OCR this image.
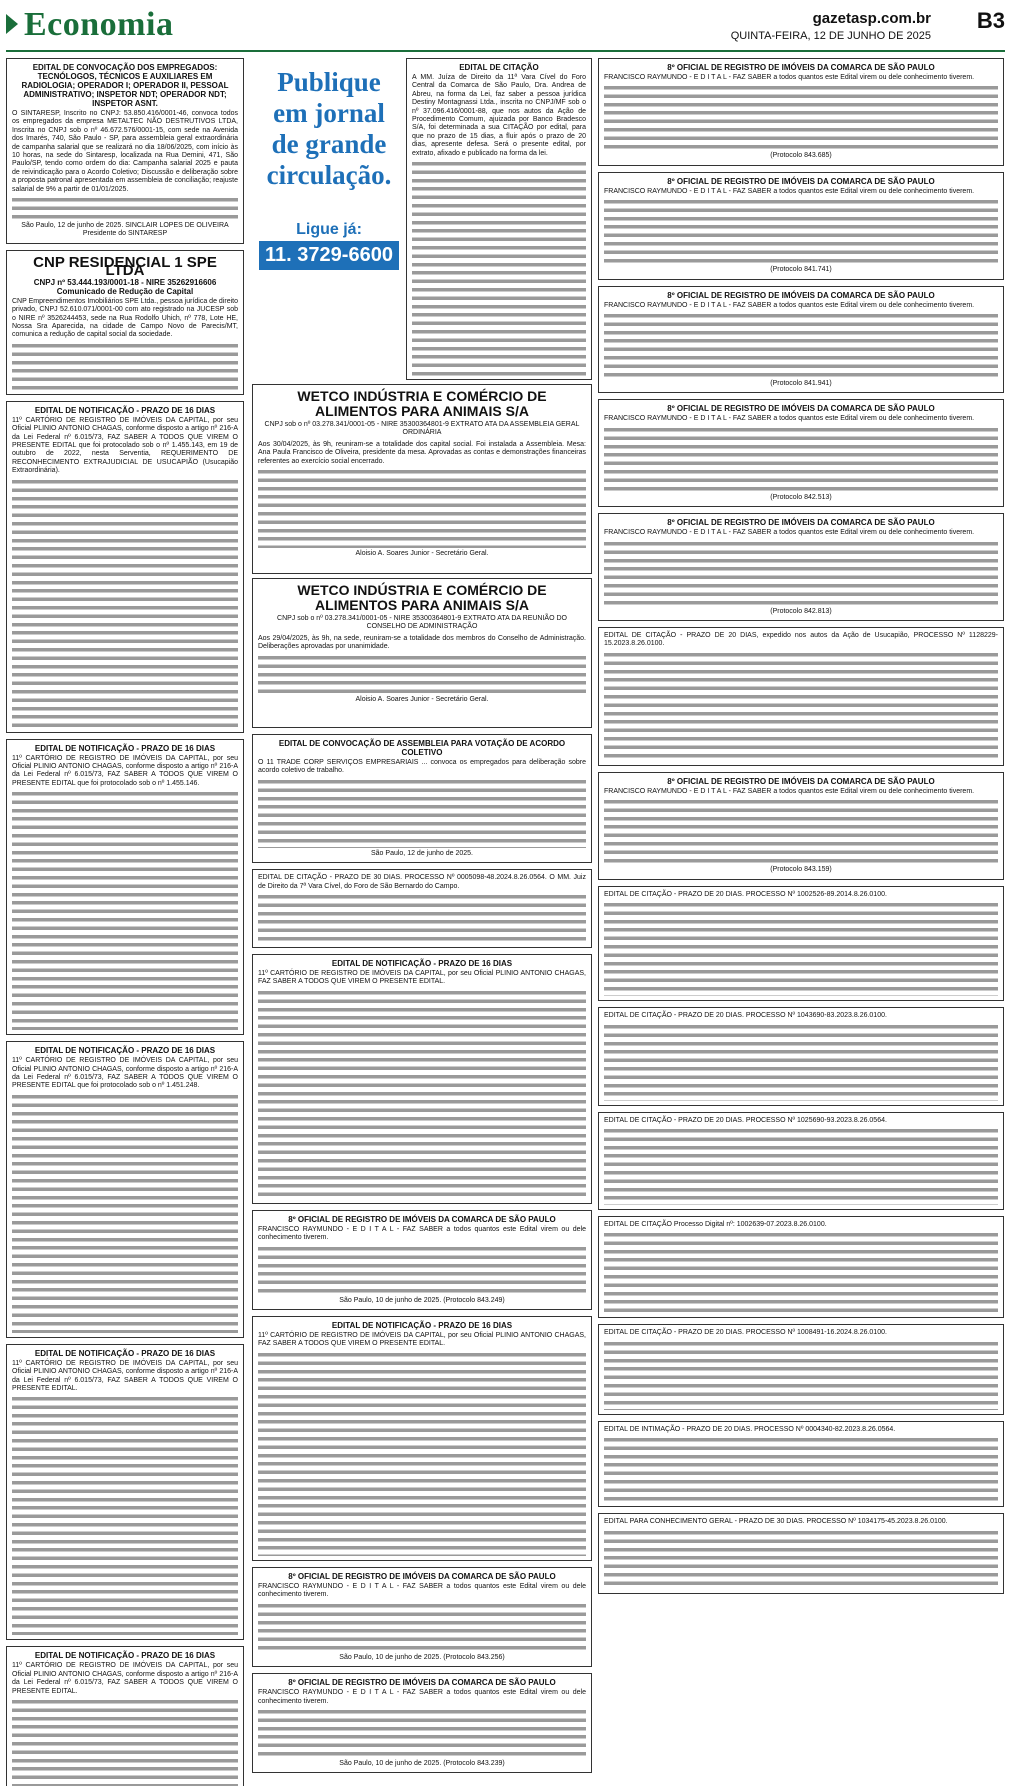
Economia	gazetasp.com.br
QUINTA-FEIRA, 12 DE JUNHO DE 2025
B3
EDITAL DE CONVOCAÇÃO DOS EMPREGADOS: TECNÓLOGOS, TÉCNICOS E AUXILIARES EM RADIOLOGIA; OPERADOR I; OPERADOR II, PESSOAL ADMINISTRATIVO; INSPETOR NDT; OPERADOR NDT; INSPETOR ASNT.
O SINTARESP, Inscrito no CNPJ: 53.850.416/0001-46, convoca todos os empregados da empresa METALTEC NÃO DESTRUTIVOS LTDA, Inscrita no CNPJ sob o nº 46.672.576/0001-15, com sede na Avenida dos Imarés, 740, São Paulo - SP, para assembleia geral extraordinária de campanha salarial que se realizará no dia 18/06/2025, com início às 10 horas, na sede do Sintaresp, localizada na Rua Demini, 471, São Paulo/SP, tendo como ordem do dia: Campanha salarial 2025 e pauta de reivindicação para o Acordo Coletivo; Discussão e deliberação sobre a proposta patronal apresentada em assembleia de conciliação; reajuste salarial de 9% a partir de 01/01/2025.
São Paulo, 12 de junho de 2025. SINCLAIR LOPES DE OLIVEIRA Presidente do SINTARESP
CNP RESIDENCIAL 1 SPE LTDA
CNPJ nº 53.444.193/0001-18 - NIRE 35262916606 Comunicado de Redução de Capital
CNP Empreendimentos Imobiliários SPE Ltda., pessoa jurídica de direito privado, CNPJ 52.610.071/0001-00 com ato registrado na JUCESP sob o NIRE nº 3526244453, sede na Rua Rodolfo Uhich, nº 778, Lote HE, Nossa Sra Aparecida, na cidade de Campo Novo de Parecis/MT, comunica a redução de capital social da sociedade.
EDITAL DE NOTIFICAÇÃO - PRAZO DE 16 DIAS
11º CARTÓRIO DE REGISTRO DE IMÓVEIS DA CAPITAL, por seu Oficial PLINIO ANTONIO CHAGAS, conforme disposto a artigo nº 216-A da Lei Federal nº 6.015/73, FAZ SABER A TODOS QUE VIREM O PRESENTE EDITAL que foi protocolado sob o nº 1.455.143, em 19 de outubro de 2022, nesta Serventia, REQUERIMENTO DE RECONHECIMENTO EXTRAJUDICIAL DE USUCAPIÃO (Usucapião Extraordinária).
EDITAL DE NOTIFICAÇÃO - PRAZO DE 16 DIAS
11º CARTÓRIO DE REGISTRO DE IMÓVEIS DA CAPITAL, por seu Oficial PLINIO ANTONIO CHAGAS, conforme disposto a artigo nº 216-A da Lei Federal nº 6.015/73, FAZ SABER A TODOS QUE VIREM O PRESENTE EDITAL que foi protocolado sob o nº 1.455.146.
EDITAL DE NOTIFICAÇÃO - PRAZO DE 16 DIAS
11º CARTÓRIO DE REGISTRO DE IMÓVEIS DA CAPITAL, por seu Oficial PLINIO ANTONIO CHAGAS, conforme disposto a artigo nº 216-A da Lei Federal nº 6.015/73, FAZ SABER A TODOS QUE VIREM O PRESENTE EDITAL que foi protocolado sob o nº 1.451.248.
EDITAL DE NOTIFICAÇÃO - PRAZO DE 16 DIAS
11º CARTÓRIO DE REGISTRO DE IMÓVEIS DA CAPITAL, por seu Oficial PLINIO ANTONIO CHAGAS, conforme disposto a artigo nº 216-A da Lei Federal nº 6.015/73, FAZ SABER A TODOS QUE VIREM O PRESENTE EDITAL.
EDITAL DE NOTIFICAÇÃO - PRAZO DE 16 DIAS
11º CARTÓRIO DE REGISTRO DE IMÓVEIS DA CAPITAL, por seu Oficial PLINIO ANTONIO CHAGAS, conforme disposto a artigo nº 216-A da Lei Federal nº 6.015/73, FAZ SABER A TODOS QUE VIREM O PRESENTE EDITAL.
Publique em jornal de grande circulação.
Ligue já:
11. 3729-6600
EDITAL DE CITAÇÃO
A MM. Juíza de Direito da 11ª Vara Cível do Foro Central da Comarca de São Paulo, Dra. Andrea de Abreu, na forma da Lei, faz saber a pessoa jurídica Destiny Montagnassi Ltda., inscrita no CNPJ/MF sob o nº 37.096.416/0001-88, que nos autos da Ação de Procedimento Comum, ajuizada por Banco Bradesco S/A, foi determinada a sua CITAÇÃO por edital, para que no prazo de 15 dias, a fluir após o prazo de 20 dias, apresente defesa. Será o presente edital, por extrato, afixado e publicado na forma da lei.
WETCO INDÚSTRIA E COMÉRCIO DE ALIMENTOS PARA ANIMAIS S/A
CNPJ sob o nº 03.278.341/0001-05 - NIRE 35300364801-9 EXTRATO ATA DA ASSEMBLEIA GERAL ORDINÁRIA
Aos 30/04/2025, às 9h, reuniram-se a totalidade dos capital social. Foi instalada a Assembleia. Mesa: Ana Paula Francisco de Oliveira, presidente da mesa. Aprovadas as contas e demonstrações financeiras referentes ao exercício social encerrado.
Aloisio A. Soares Junior - Secretário Geral.
WETCO INDÚSTRIA E COMÉRCIO DE ALIMENTOS PARA ANIMAIS S/A
CNPJ sob o nº 03.278.341/0001-05 - NIRE 35300364801-9 EXTRATO ATA DA REUNIÃO DO CONSELHO DE ADMINISTRAÇÃO
Aos 29/04/2025, às 9h, na sede, reuniram-se a totalidade dos membros do Conselho de Administração. Deliberações aprovadas por unanimidade.
Aloisio A. Soares Junior - Secretário Geral.
EDITAL DE CONVOCAÇÃO DE ASSEMBLEIA PARA VOTAÇÃO DE ACORDO COLETIVO
O 11 TRADE CORP SERVIÇOS EMPRESARIAIS ... convoca os empregados para deliberação sobre acordo coletivo de trabalho.
São Paulo, 12 de junho de 2025.
EDITAL DE CITAÇÃO - PRAZO DE 30 DIAS. PROCESSO Nº 0005098-48.2024.8.26.0564. O MM. Juiz de Direito da 7ª Vara Cível, do Foro de São Bernardo do Campo.
EDITAL DE NOTIFICAÇÃO - PRAZO DE 16 DIAS
11º CARTÓRIO DE REGISTRO DE IMÓVEIS DA CAPITAL, por seu Oficial PLINIO ANTONIO CHAGAS, FAZ SABER A TODOS QUE VIREM O PRESENTE EDITAL.
8º OFICIAL DE REGISTRO DE IMÓVEIS DA COMARCA DE SÃO PAULO
FRANCISCO RAYMUNDO - E D I T A L - FAZ SABER a todos quantos este Edital virem ou dele conhecimento tiverem.
São Paulo, 10 de junho de 2025. (Protocolo 843.249)
EDITAL DE NOTIFICAÇÃO - PRAZO DE 16 DIAS
11º CARTÓRIO DE REGISTRO DE IMÓVEIS DA CAPITAL, por seu Oficial PLINIO ANTONIO CHAGAS, FAZ SABER A TODOS QUE VIREM O PRESENTE EDITAL.
8º OFICIAL DE REGISTRO DE IMÓVEIS DA COMARCA DE SÃO PAULO
FRANCISCO RAYMUNDO - E D I T A L - FAZ SABER a todos quantos este Edital virem ou dele conhecimento tiverem.
São Paulo, 10 de junho de 2025. (Protocolo 843.256)
8º OFICIAL DE REGISTRO DE IMÓVEIS DA COMARCA DE SÃO PAULO
FRANCISCO RAYMUNDO - E D I T A L - FAZ SABER a todos quantos este Edital virem ou dele conhecimento tiverem.
São Paulo, 10 de junho de 2025. (Protocolo 843.239)
8º OFICIAL DE REGISTRO DE IMÓVEIS DA COMARCA DE SÃO PAULO
FRANCISCO RAYMUNDO - E D I T A L - FAZ SABER a todos quantos este Edital virem ou dele conhecimento tiverem.
(Protocolo 843.685)
8º OFICIAL DE REGISTRO DE IMÓVEIS DA COMARCA DE SÃO PAULO
FRANCISCO RAYMUNDO - E D I T A L - FAZ SABER a todos quantos este Edital virem ou dele conhecimento tiverem.
(Protocolo 841.741)
8º OFICIAL DE REGISTRO DE IMÓVEIS DA COMARCA DE SÃO PAULO
FRANCISCO RAYMUNDO - E D I T A L - FAZ SABER a todos quantos este Edital virem ou dele conhecimento tiverem.
(Protocolo 841.941)
8º OFICIAL DE REGISTRO DE IMÓVEIS DA COMARCA DE SÃO PAULO
FRANCISCO RAYMUNDO - E D I T A L - FAZ SABER a todos quantos este Edital virem ou dele conhecimento tiverem.
(Protocolo 842.513)
8º OFICIAL DE REGISTRO DE IMÓVEIS DA COMARCA DE SÃO PAULO
FRANCISCO RAYMUNDO - E D I T A L - FAZ SABER a todos quantos este Edital virem ou dele conhecimento tiverem.
(Protocolo 842.813)
EDITAL DE CITAÇÃO - PRAZO DE 20 DIAS, expedido nos autos da Ação de Usucapião, PROCESSO Nº 1128229-15.2023.8.26.0100.
8º OFICIAL DE REGISTRO DE IMÓVEIS DA COMARCA DE SÃO PAULO
FRANCISCO RAYMUNDO - E D I T A L - FAZ SABER a todos quantos este Edital virem ou dele conhecimento tiverem.
(Protocolo 843.159)
EDITAL DE CITAÇÃO - PRAZO DE 20 DIAS. PROCESSO Nº 1002526-89.2014.8.26.0100.
EDITAL DE CITAÇÃO - PRAZO DE 20 DIAS. PROCESSO Nº 1043690-83.2023.8.26.0100.
EDITAL DE CITAÇÃO - PRAZO DE 20 DIAS. PROCESSO Nº 1025690-93.2023.8.26.0564.
EDITAL DE CITAÇÃO Processo Digital nº: 1002639-07.2023.8.26.0100.
EDITAL DE CITAÇÃO - PRAZO DE 20 DIAS. PROCESSO Nº 1008491-16.2024.8.26.0100.
EDITAL DE INTIMAÇÃO - PRAZO DE 20 DIAS. PROCESSO Nº 0004340-82.2023.8.26.0564.
EDITAL PARA CONHECIMENTO GERAL - PRAZO DE 30 DIAS. PROCESSO Nº 1034175-45.2023.8.26.0100.
